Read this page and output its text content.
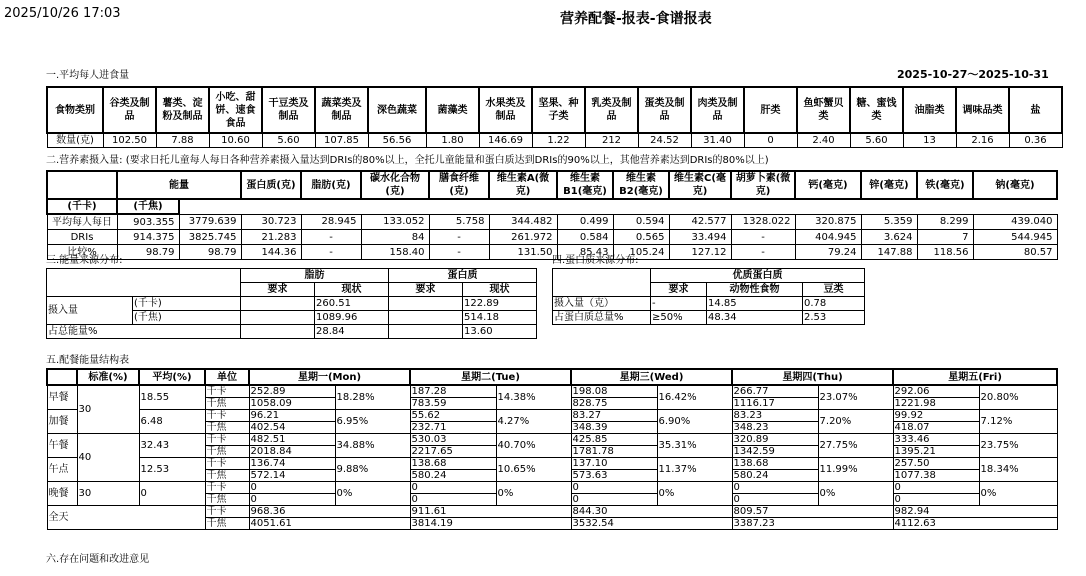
2025/10/26 17:03	营养配餐-报表-食谱报表
一.平均每人进食量	2025-10-27～2025-10-31
食物类别	谷类及制品	薯类、淀粉及制品	小吃、甜饼、速食食品	干豆类及制品	蔬菜类及制品	深色蔬菜	菌藻类	水果类及制品	坚果、种子类	乳类及制品	蛋类及制品	肉类及制品	肝类	鱼虾蟹贝类	糖、蜜饯类	油脂类	调味品类	盐
数量(克)	102.50	7.88	10.60	5.60	107.85	56.56	1.80	146.69	1.22	212	24.52	31.40	0	2.40	5.60	13	2.16	0.36
二.营养素摄入量: (要求日托儿童每人每日各种营养素摄入量达到DRIs的80%以上，全托儿童能量和蛋白质达到DRIs的90%以上，其他营养素达到DRIs的80%以上)
	能量		蛋白质(克)	脂肪(克)	碳水化合物(克)	膳食纤维(克)	维生素A(微克)	维生素B1(毫克)	维生素B2(毫克)	维生素C(毫克)	胡萝卜素(微克)	钙(毫克)	锌(毫克)	铁(毫克)	钠(毫克)
(千卡)	(千焦)														
平均每人每日	903.355	3779.639	30.723	28.945	133.052	5.758	344.482	0.499	0.594	42.577	1328.022	320.875	5.359	8.299	439.040
DRIs	914.375	3825.745	21.283	-	84	-	261.972	0.584	0.565	33.494	-	404.945	3.624	7	544.945
比较%	98.79	98.79	144.36	-	158.40	-	131.50	85.43	105.24	127.12	-	79.24	147.88	118.56	80.57
三.能量来源分布:
		脂肪		蛋白质	
		要求	现状	要求	现状
摄入量	(千卡)		260.51		122.89
	(千焦)		1089.96		514.18
占总能量%			28.84		13.60
四.蛋白质来源分布:
	优质蛋白质		
	要求	动物性食物	豆类
摄入量（克）	-	14.85	0.78
占蛋白质总量%	≥50%	48.34	2.53
五.配餐能量结构表
	标准(%)	平均(%)	单位	星期一(Mon)		星期二(Tue)		星期三(Wed)		星期四(Thu)		星期五(Fri)	
早餐	30	18.55	千卡	252.89	18.28%	187.28	14.38%	198.08	16.42%	266.77	23.07%	292.06	20.80%
			千焦	1058.09		783.59		828.75		1116.17		1221.98	
加餐		6.48	千卡	96.21	6.95%	55.62	4.27%	83.27	6.90%	83.23	7.20%	99.92	7.12%
			千焦	402.54		232.71		348.39		348.23		418.07	
午餐	40	32.43	千卡	482.51	34.88%	530.03	40.70%	425.85	35.31%	320.89	27.75%	333.46	23.75%
			千焦	2018.84		2217.65		1781.78		1342.59		1395.21	
午点		12.53	千卡	136.74	9.88%	138.68	10.65%	137.10	11.37%	138.68	11.99%	257.50	18.34%
			千焦	572.14		580.24		573.63		580.24		1077.38	
晚餐	30	0	千卡	0	0%	0	0%	0	0%	0	0%	0	0%
			千焦	0		0		0		0		0	
全天			千卡	968.36		911.61		844.30		809.57		982.94	
			千焦	4051.61		3814.19		3532.54		3387.23		4112.63	
六.存在问题和改进意见
